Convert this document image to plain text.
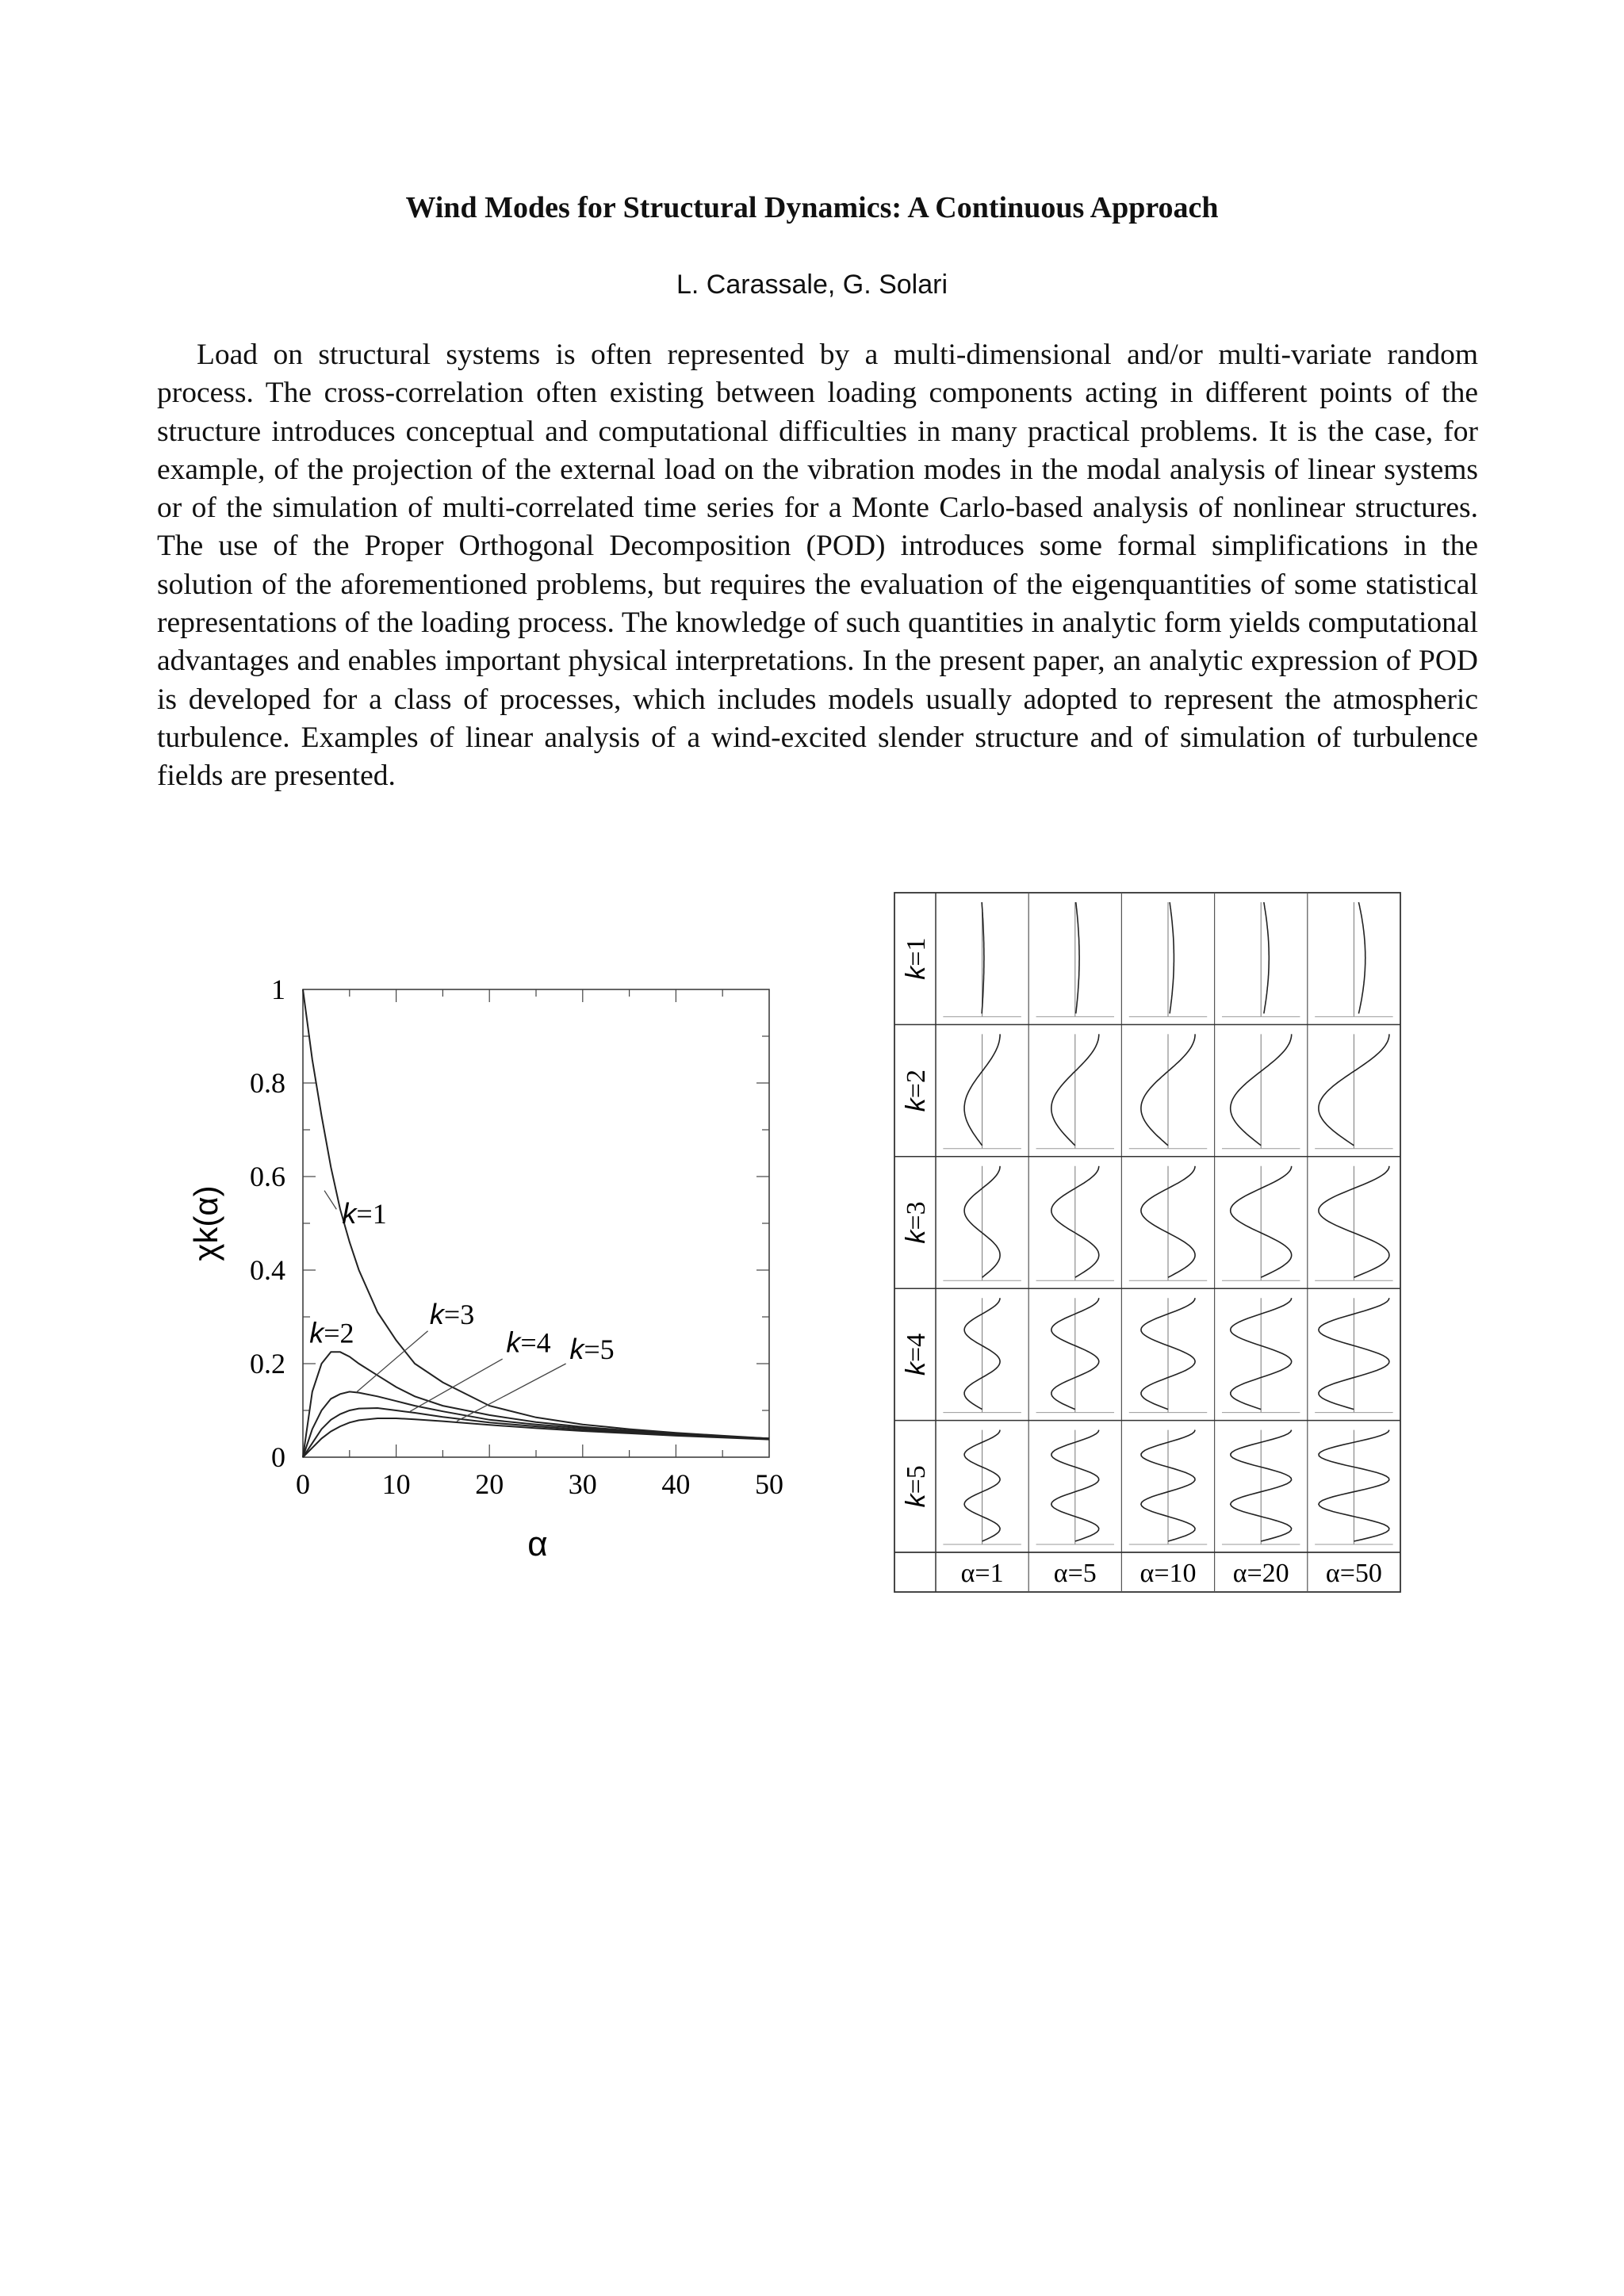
Wind Modes for Structural Dynamics: A Continuous Approach
L. Carassale, G. Solari

Load on structural systems is often represented by a multi-dimensional and/or multi-variate random process. The cross-correlation often existing between loading components acting in different points of the structure introduces conceptual and computational difficulties in many practical problems. It is the case, for example, of the projection of the external load on the vibration modes in the modal analysis of linear systems or of the simulation of multi-correlated time series for a Monte Carlo-based analysis of nonlinear structures. The use of the Proper Orthogonal Decomposition (POD) introduces some formal simplifications in the solution of the aforementioned problems, but requires the evaluation of the eigenquantities of some statistical representations of the loading process. The knowledge of such quantities in analytic form yields computational advantages and enables important physical interpretations. In the present paper, an analytic expression of POD is developed for a class of processes, which includes models usually adopted to represent the atmospheric turbulence. Examples of linear analysis of a wind-excited slender structure and of simulation of turbulence fields are presented.

0	10 20 30 40 50
0
0.2
0.4
0.6
0.8
1
α
χk(α)	k=1
k=2
k=3
k=4 k=5
k=1
k=2
k=3
k=4
k=5
α=1 α=5 α=10 α=20 α=50
